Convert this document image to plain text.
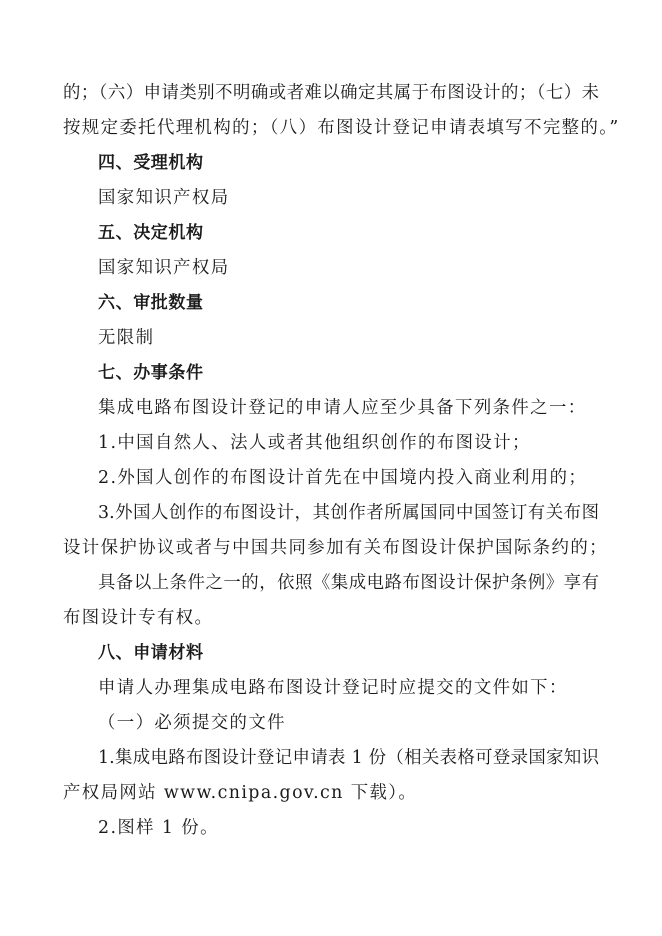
的；（六）申请类别不明确或者难以确定其属于布图设计的；（七）未
按规定委托代理机构的；（八）布图设计登记申请表填写不完整的。”
四、受理机构
国家知识产权局
五、决定机构
国家知识产权局
六、审批数量
无限制
七、办事条件
集成电路布图设计登记的申请人应至少具备下列条件之一：
1.中国自然人、法人或者其他组织创作的布图设计；
2.外国人创作的布图设计首先在中国境内投入商业利用的；
3.外国人创作的布图设计，其创作者所属国同中国签订有关布图
设计保护协议或者与中国共同参加有关布图设计保护国际条约的；
具备以上条件之一的，依照《集成电路布图设计保护条例》享有
布图设计专有权。
八、申请材料
申请人办理集成电路布图设计登记时应提交的文件如下：
（一）必须提交的文件
1.集成电路布图设计登记申请表 1 份（相关表格可登录国家知识
产权局网站 www.cnipa.gov.cn 下载）。
2.图样 1 份。
